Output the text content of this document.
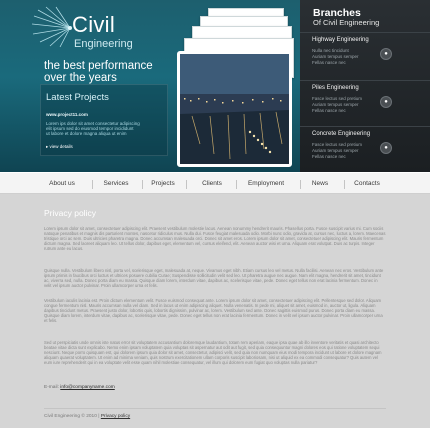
Civil
Engineering
the best performance over the years
Latest Projects
www.project11.com
Lorem ips dolor sit amet consectetur adipiscing
elit ipsum sed do eiusmod tempor incididunt
ut labore et dolore magna aliqua ut enim
▸ view details
Branches
Of Civil Engineering
Highway Engineering
Nulla nec tincidunt
Auriam tempus semper
Fellas nasce nec
●
Piles Engineering
Fasce lectus sed pretium
Auriam tempus semper
Fellas nasce nec
●
Concrete Engineering
Fasce lectus sed pretium
Auriam tempus semper
Fellas nasce nec
●
About us	Services	Projects	Clients	Employment	News	Contacts
Privacy policy
Lorem ipsum dolor sit amet, consectetuer adipiscing elit. Praesent vestibulum molestie lacus. Aenean nonummy hendrerit mauris. Phasellus porta. Fusce suscipit varius mi. Cum sociis natoque penatibus et magnis dis parturient montes, nascetur ridiculus mus. Nulla dui. Fusce feugiat malesuada odio. Morbi nunc odio, gravida at, cursus nec, luctus a, lorem. Maecenas tristique orci ac sem. Duis ultricies pharetra magna. Donec accumsan malesuada orci. Donec sit amet eros. Lorem ipsum dolor sit amet, consectetuer adipiscing elit. Mauris fermentum dictum magna. Sed laoreet aliquam leo. Ut tellus dolor, dapibus eget, elementum vel, cursus eleifend, elit. Aenean auctor wisi et urna. Aliquam erat volutpat. Duis ac turpis. Integer rutrum ante eu lacus.
Quisque nulla. Vestibulum libero nisl, porta vel, scelerisque eget, malesuada at, neque. Vivamus eget nibh. Etiam cursus leo vel metus. Nulla facilisi. Aenean nec eros. Vestibulum ante ipsum primis in faucibus orci luctus et ultrices posuere cubilia Curae; Suspendisse sollicitudin velit sed leo. Ut pharetra augue nec augue. Nam elit magna, hendrerit sit amet, tincidunt ac, viverra sed, nulla. Donec porta diam eu massa. Quisque diam lorem, interdum vitae, dapibus ac, scelerisque vitae, pede. Donec eget tellus non erat lacinia fermentum. Donec in velit vel ipsum auctor pulvinar. Proin ullamcorper urna et felis.
Vestibulum iaculis lacinia est. Proin dictum elementum velit. Fusce euismod consequat ante. Lorem ipsum dolor sit amet, consectetuer adipiscing elit. Pellentesque sed dolor. Aliquam congue fermentum nisl. Mauris accumsan nulla vel diam. Sed in lacus ut enim adipiscing aliquet. Nulla venenatis. In pede mi, aliquet sit amet, euismod in, auctor ut, ligula. Aliquam dapibus tincidunt metus. Praesent justo dolor, lobortis quis, lobortis dignissim, pulvinar ac, lorem. Vestibulum sed ante. Donec sagittis euismod purus. Donec porta diam eu massa. Quisque diam lorem, interdum vitae, dapibus ac, scelerisque vitae, pede. Donec eget tellus non erat lacinia fermentum. Donec in velit vel ipsum auctor pulvinar. Proin ullamcorper urna et felis.
Sed ut perspiciatis unde omnis iste natus error sit voluptatem accusantium doloremque laudantium, totam rem aperiam, eaque ipsa quae ab illo inventore veritatis et quasi architecto beatae vitae dicta sunt explicabo. Nemo enim ipsam voluptatem quia voluptas sit aspernatur aut odit aut fugit, sed quia consequuntur magni dolores eos qui ratione voluptatem sequi nesciunt. Neque porro quisquam est, qui dolorem ipsum quia dolor sit amet, consectetur, adipisci velit, sed quia non numquam eius modi tempora incidunt ut labore et dolore magnam aliquam quaerat voluptatem. Ut enim ad minima veniam, quis nostrum exercitationem ullam corporis suscipit laboriosam, nisi ut aliquid ex ea commodi consequatur? Quis autem vel eum iure reprehenderit qui in ea voluptate velit esse quam nihil molestiae consequatur, vel illum qui dolorem eum fugiat quo voluptas nulla pariatur?
E-mail: info@companyname.com
Civil Engineering © 2010 | Privacy policy
